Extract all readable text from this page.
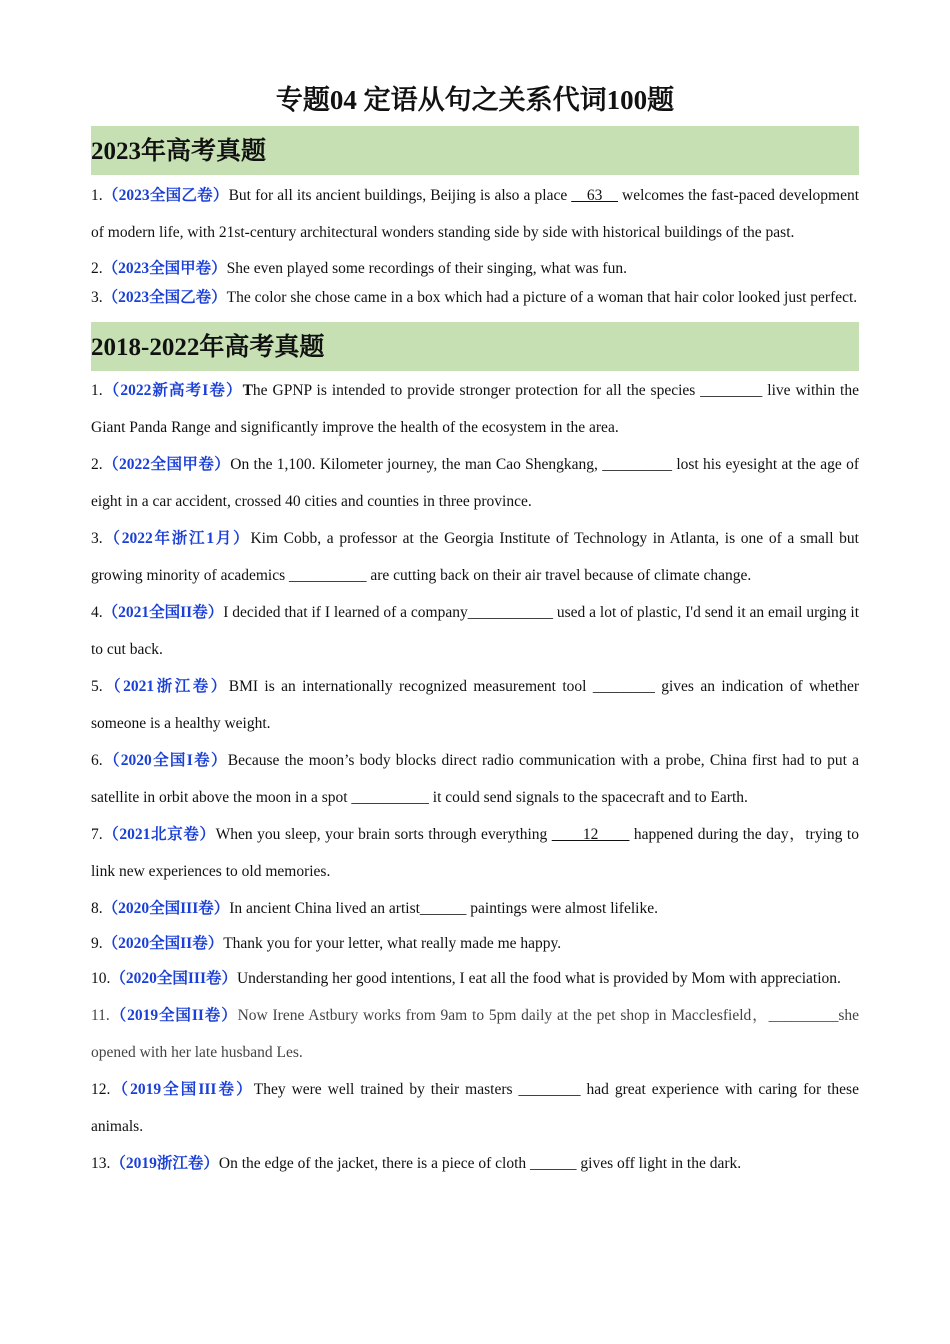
专题04 定语从句之关系代词100题
2023年高考真题

1.（2023全国乙卷）But for all its ancient buildings, Beijing is also a place __63__ welcomes the fast-paced development of modern life, with 21st-century architectural wonders standing side by side with historical buildings of the past.

2.（2023全国甲卷）She even played some recordings of their singing, what was fun.

3.（2023全国乙卷）The color she chose came in a box which had a picture of a woman that hair color looked just perfect.

2018-2022年高考真题

1.（2022新高考I卷）The GPNP is intended to provide stronger protection for all the species ________ live within the Giant Panda Range and significantly improve the health of the ecosystem in the area.

2.（2022全国甲卷）On the 1,100. Kilometer journey, the man Cao Shengkang, _________ lost his eyesight at the age of eight in a car accident, crossed 40 cities and counties in three province.

3.（2022年浙江1月）Kim Cobb, a professor at the Georgia Institute of Technology in Atlanta, is one of a small but growing minority of academics __________ are cutting back on their air travel because of climate change.

4.（2021全国II卷）I decided that if I learned of a company___________ used a lot of plastic, I'd send it an email urging it to cut back.

5.（2021浙江卷）BMI is an internationally recognized measurement tool ________ gives an indication of whether someone is a healthy weight.

6.（2020全国I卷）Because the moon’s body blocks direct radio communication with a probe, China first had to put a satellite in orbit above the moon in a spot __________ it could send signals to the spacecraft and to Earth.

7.（2021北京卷）When you sleep, your brain sorts through everything ____12____ happened during the day，trying to link new experiences to old memories.

8.（2020全国III卷）In ancient China lived an artist______ paintings were almost lifelike.

9.（2020全国II卷）Thank you for your letter, what really made me happy.

10.（2020全国III卷）Understanding her good intentions, I eat all the food what is provided by Mom with appreciation.

11.（2019全国II卷）Now Irene Astbury works from 9am to 5pm daily at the pet shop in Macclesfield，_________she opened with her late husband Les.

12.（2019全国III卷）They were well trained by their masters ________ had great experience with caring for these animals.

13.（2019浙江卷）On the edge of the jacket, there is a piece of cloth ______ gives off light in the dark.
